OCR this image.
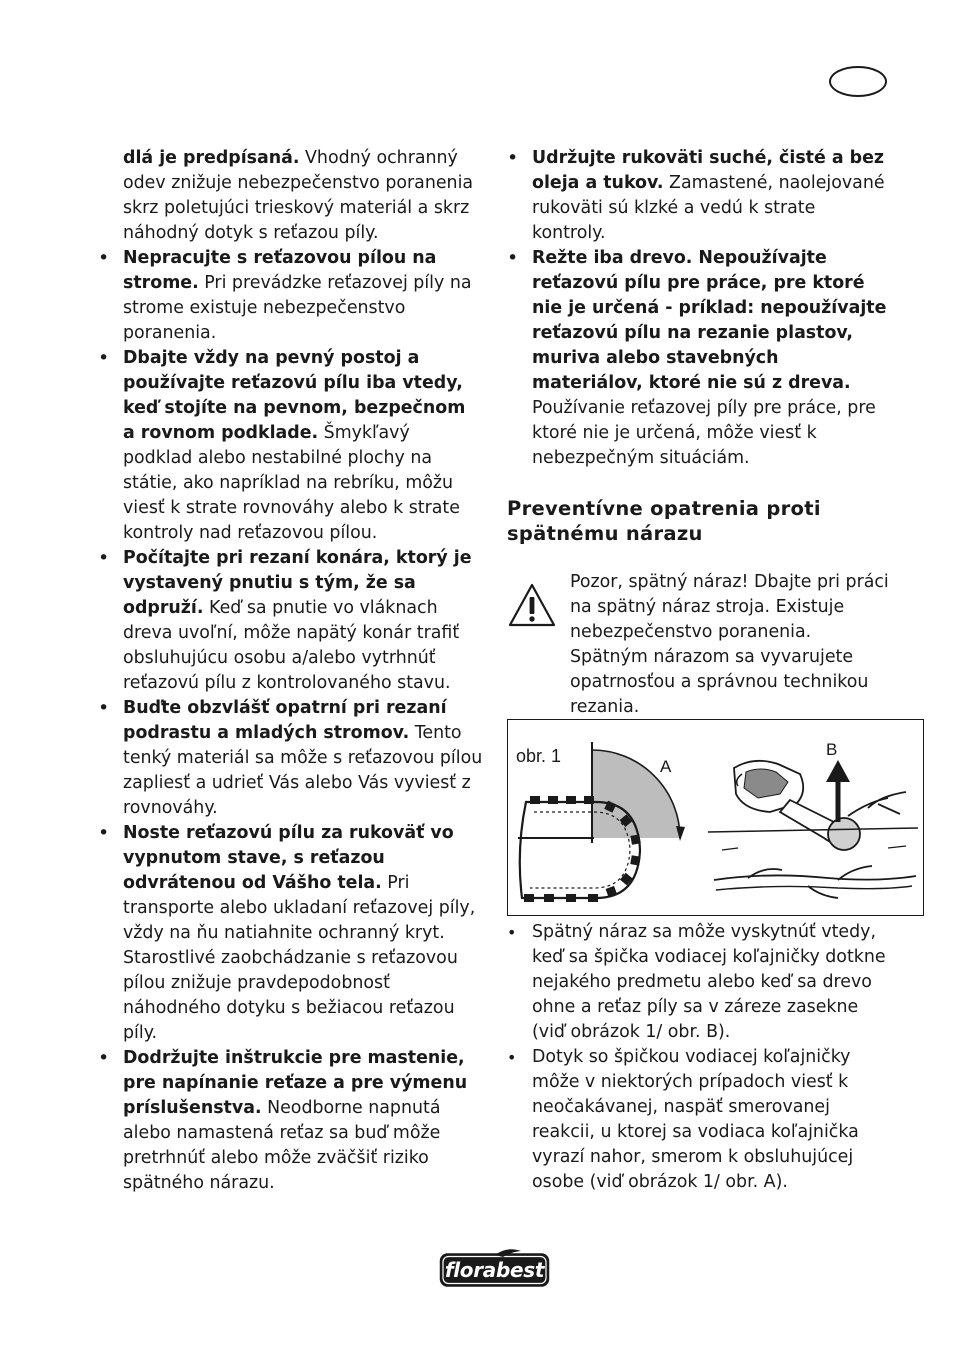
dlá je predpísaná. Vhodný ochranný odev znižuje nebezpečenstvo poranenia skrz poletujúci trieskový materiál a skrz náhodný dotyk s reťazou píly.

• Nepracujte s reťazovou pílou na strome. Pri prevádzke reťazovej píly na strome existuje nebezpečenstvo poranenia.
• Dbajte vždy na pevný postoj a používajte reťazovú pílu iba vtedy, keď stojíte na pevnom, bezpečnom a rovnom podklade. Šmykľavý podklad alebo nestabilné plochy na státie, ako napríklad na rebríku, môžu viesť k strate rovnováhy alebo k strate kontroly nad reťazovou pílou.
• Počítajte pri rezaní konára, ktorý je vystavený pnutiu s tým, že sa odpruží. Keď sa pnutie vo vláknach dreva uvoľní, môže napätý konár trafiť obsluhujúcu osobu a/alebo vytrhnúť reťazovú pílu z kontrolovaného stavu.
• Buďte obzvlášť opatrní pri rezaní podrastu a mladých stromov. Tento tenký materiál sa môže s reťazovou pílou zapliesť a udrieť Vás alebo Vás vyviesť z rovnováhy.
• Noste reťazovú pílu za rukoväť vo vypnutom stave, s reťazou odvrátenou od Vášho tela. Pri transporte alebo ukladaní reťazovej píly, vždy na ňu natiahnite ochranný kryt. Starostlivé zaobchádzanie s reťazovou pílou znižuje pravdepodobnosť náhodného dotyku s bežiacou reťazou píly.
• Dodržujte inštrukcie pre mastenie, pre napínanie reťaze a pre výmenu príslušenstva. Neodborne napnutá alebo namastená reťaz sa buď môže pretrhnúť alebo môže zväčšiť riziko spätného nárazu.
• Udržujte rukoväti suché, čisté a bez oleja a tukov. Zamastené, naolejované rukoväti sú klzké a vedú k strate kontroly.
• Režte iba drevo. Nepoužívajte reťazovú pílu pre práce, pre ktoré nie je určená - príklad: nepoužívajte reťazovú pílu na rezanie plastov, muriva alebo stavebných materiálov, ktoré nie sú z dreva. Používanie reťazovej píly pre práce, pre ktoré nie je určená, môže viesť k nebezpečným situáciám.
Preventívne opatrenia proti spätnému nárazu
Pozor, spätný náraz! Dbajte pri práci na spätný náraz stroja. Existuje nebezpečenstvo poranenia. Spätným nárazom sa vyvarujete opatrnosťou a správnou technikou rezania.
obr. 1
A
B
• Spätný náraz sa môže vyskytnúť vtedy, keď sa špička vodiacej koľajničky dotkne nejakého predmetu alebo keď sa drevo ohne a reťaz píly sa v záreze zasekne (viď obrázok 1/ obr. B).
• Dotyk so špičkou vodiacej koľajničky môže v niektorých prípadoch viesť k neočakávanej, naspäť smerovanej reakcii, u ktorej sa vodiaca koľajnička vyrazí nahor, smerom k obsluhujúcej osobe (viď obrázok 1/ obr. A).
florabest
